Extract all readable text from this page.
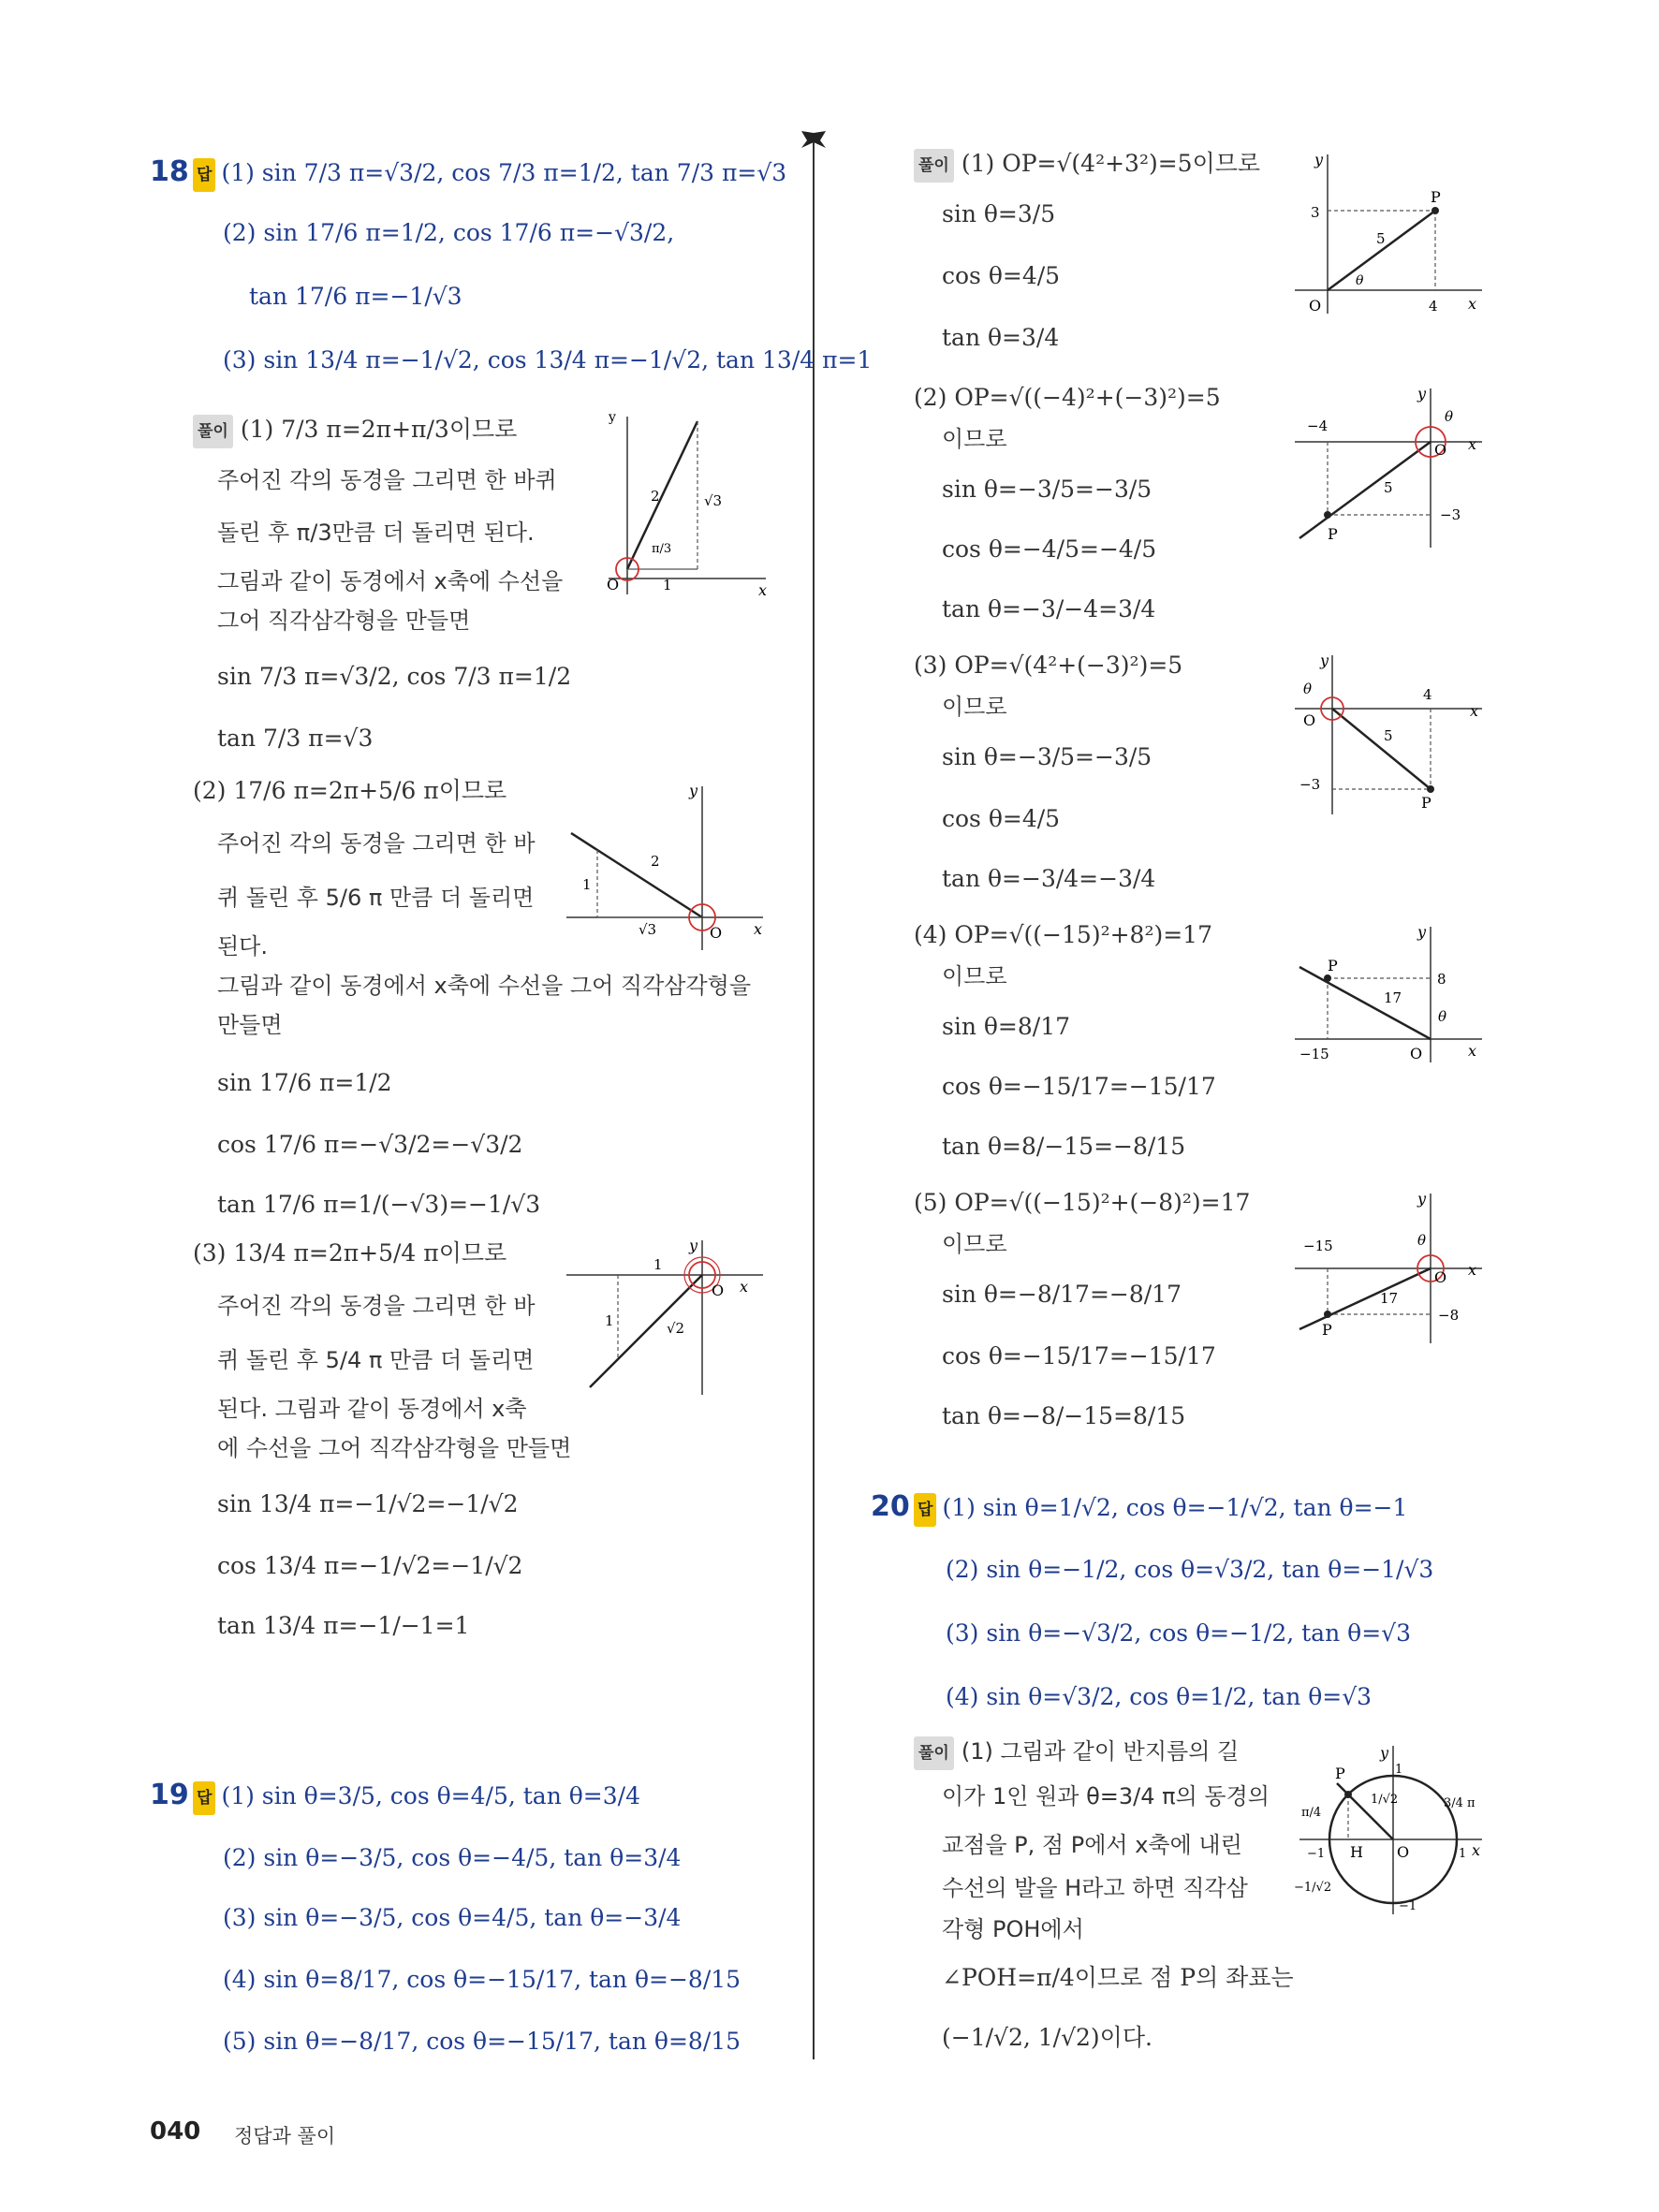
18 답 (1) sin 7/3 π=√3/2, cos 7/3 π=1/2, tan 7/3 π=√3
(2) sin 17/6 π=1/2, cos 17/6 π=−√3/2,
tan 17/6 π=−1/√3
(3) sin 13/4 π=−1/√2, cos 13/4 π=−1/√2, tan 13/4 π=1
풀이 (1) 7/3 π=2π+π/3이므로
주어진 각의 동경을 그리면 한 바퀴
돌린 후 π/3만큼 더 돌리면 된다.
그림과 같이 동경에서 x축에 수선을
그어 직각삼각형을 만들면
sin 7/3 π=√3/2, cos 7/3 π=1/2
tan 7/3 π=√3
y
x
O
2
1
√3
π/3
(2) 17/6 π=2π+5/6 π이므로
주어진 각의 동경을 그리면 한 바
퀴 돌린 후 5/6 π 만큼 더 돌리면
된다.
그림과 같이 동경에서 x축에 수선을 그어 직각삼각형을
만들면
sin 17/6 π=1/2
cos 17/6 π=−√3/2=−√3/2
tan 17/6 π=1/(−√3)=−1/√3
y
x
O
2
1
√3
(3) 13/4 π=2π+5/4 π이므로
주어진 각의 동경을 그리면 한 바
퀴 돌린 후 5/4 π 만큼 더 돌리면
된다. 그림과 같이 동경에서 x축
에 수선을 그어 직각삼각형을 만들면
sin 13/4 π=−1/√2=−1/√2
cos 13/4 π=−1/√2=−1/√2
tan 13/4 π=−1/−1=1
y
x
O
1
1	√2
19 답 (1) sin θ=3/5, cos θ=4/5, tan θ=3/4
(2) sin θ=−3/5, cos θ=−4/5, tan θ=3/4
(3) sin θ=−3/5, cos θ=4/5, tan θ=−3/4
(4) sin θ=8/17, cos θ=−15/17, tan θ=−8/15
(5) sin θ=−8/17, cos θ=−15/17, tan θ=8/15
풀이 (1) OP=√(4²+3²)=5이므로
sin θ=3/5
cos θ=4/5
tan θ=3/4
y
x
O
P
4
3
5
θ
(2) OP=√((−4)²+(−3)²)=5
이므로
sin θ=−3/5=−3/5
cos θ=−4/5=−4/5
tan θ=−3/−4=3/4
y
x
O
P
−4
−3
5
θ
(3) OP=√(4²+(−3)²)=5
이므로
sin θ=−3/5=−3/5
cos θ=4/5
tan θ=−3/4=−3/4
y
x
O
P
4
−3
5
θ
(4) OP=√((−15)²+8²)=17
이므로
sin θ=8/17
cos θ=−15/17=−15/17
tan θ=8/−15=−8/15
y
x
O
P
−15
8
17
θ
(5) OP=√((−15)²+(−8)²)=17
이므로
sin θ=−8/17=−8/17
cos θ=−15/17=−15/17
tan θ=−8/−15=8/15
y
x
O
P
−15
−8
17
θ
20 답 (1) sin θ=1/√2, cos θ=−1/√2, tan θ=−1
(2) sin θ=−1/2, cos θ=√3/2, tan θ=−1/√3
(3) sin θ=−√3/2, cos θ=−1/2, tan θ=√3
(4) sin θ=√3/2, cos θ=1/2, tan θ=√3
풀이 (1) 그림과 같이 반지름의 길
이가 1인 원과 θ=3/4 π의 동경의
교점을 P, 점 P에서 x축에 내린
수선의 발을 H라고 하면 직각삼
각형 POH에서
∠POH=π/4이므로 점 P의 좌표는
(−1/√2, 1/√2)이다.
y
x
O
P
H
1
1
−1
−1
1/√2
−1/√2
π/4
3/4 π
040 정답과 풀이
